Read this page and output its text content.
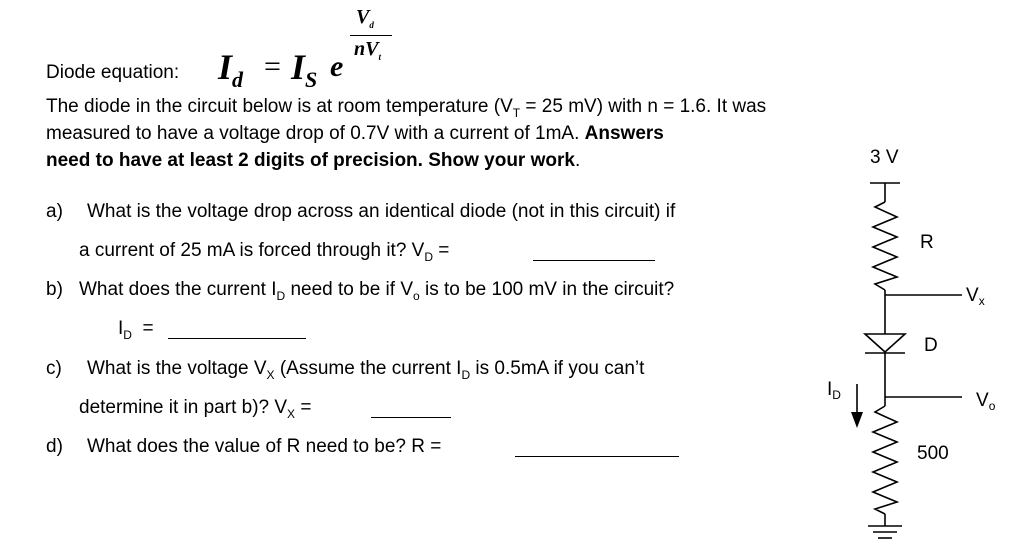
Diode equation: $I_d = I_S$ e
$V_d$
$nV_t$
The diode in the circuit below is at room temperature ($V_T = 25$ mV) with n = 1.6. It was
measured to have a voltage drop of 0.7V with a current of 1mA. Answers
need to have at least 2 digits of precision. Show your work.
a) What is the voltage drop across an identical diode (not in this circuit) if
a current of 25 mA is forced through it? $V_D$ =
b) What does the current $I_D$ need to be if $V_o$ is to be 100 mV in the circuit?
$I_D$  =
c) What is the voltage $V_X$ (Assume the current $I_D$ is 0.5mA if you can’t
determine it in part b)? $V_X$ =
d) What does the value of R need to be? R =
3 V
R
D
$V_x$
$V_o$
$I_D$
500
